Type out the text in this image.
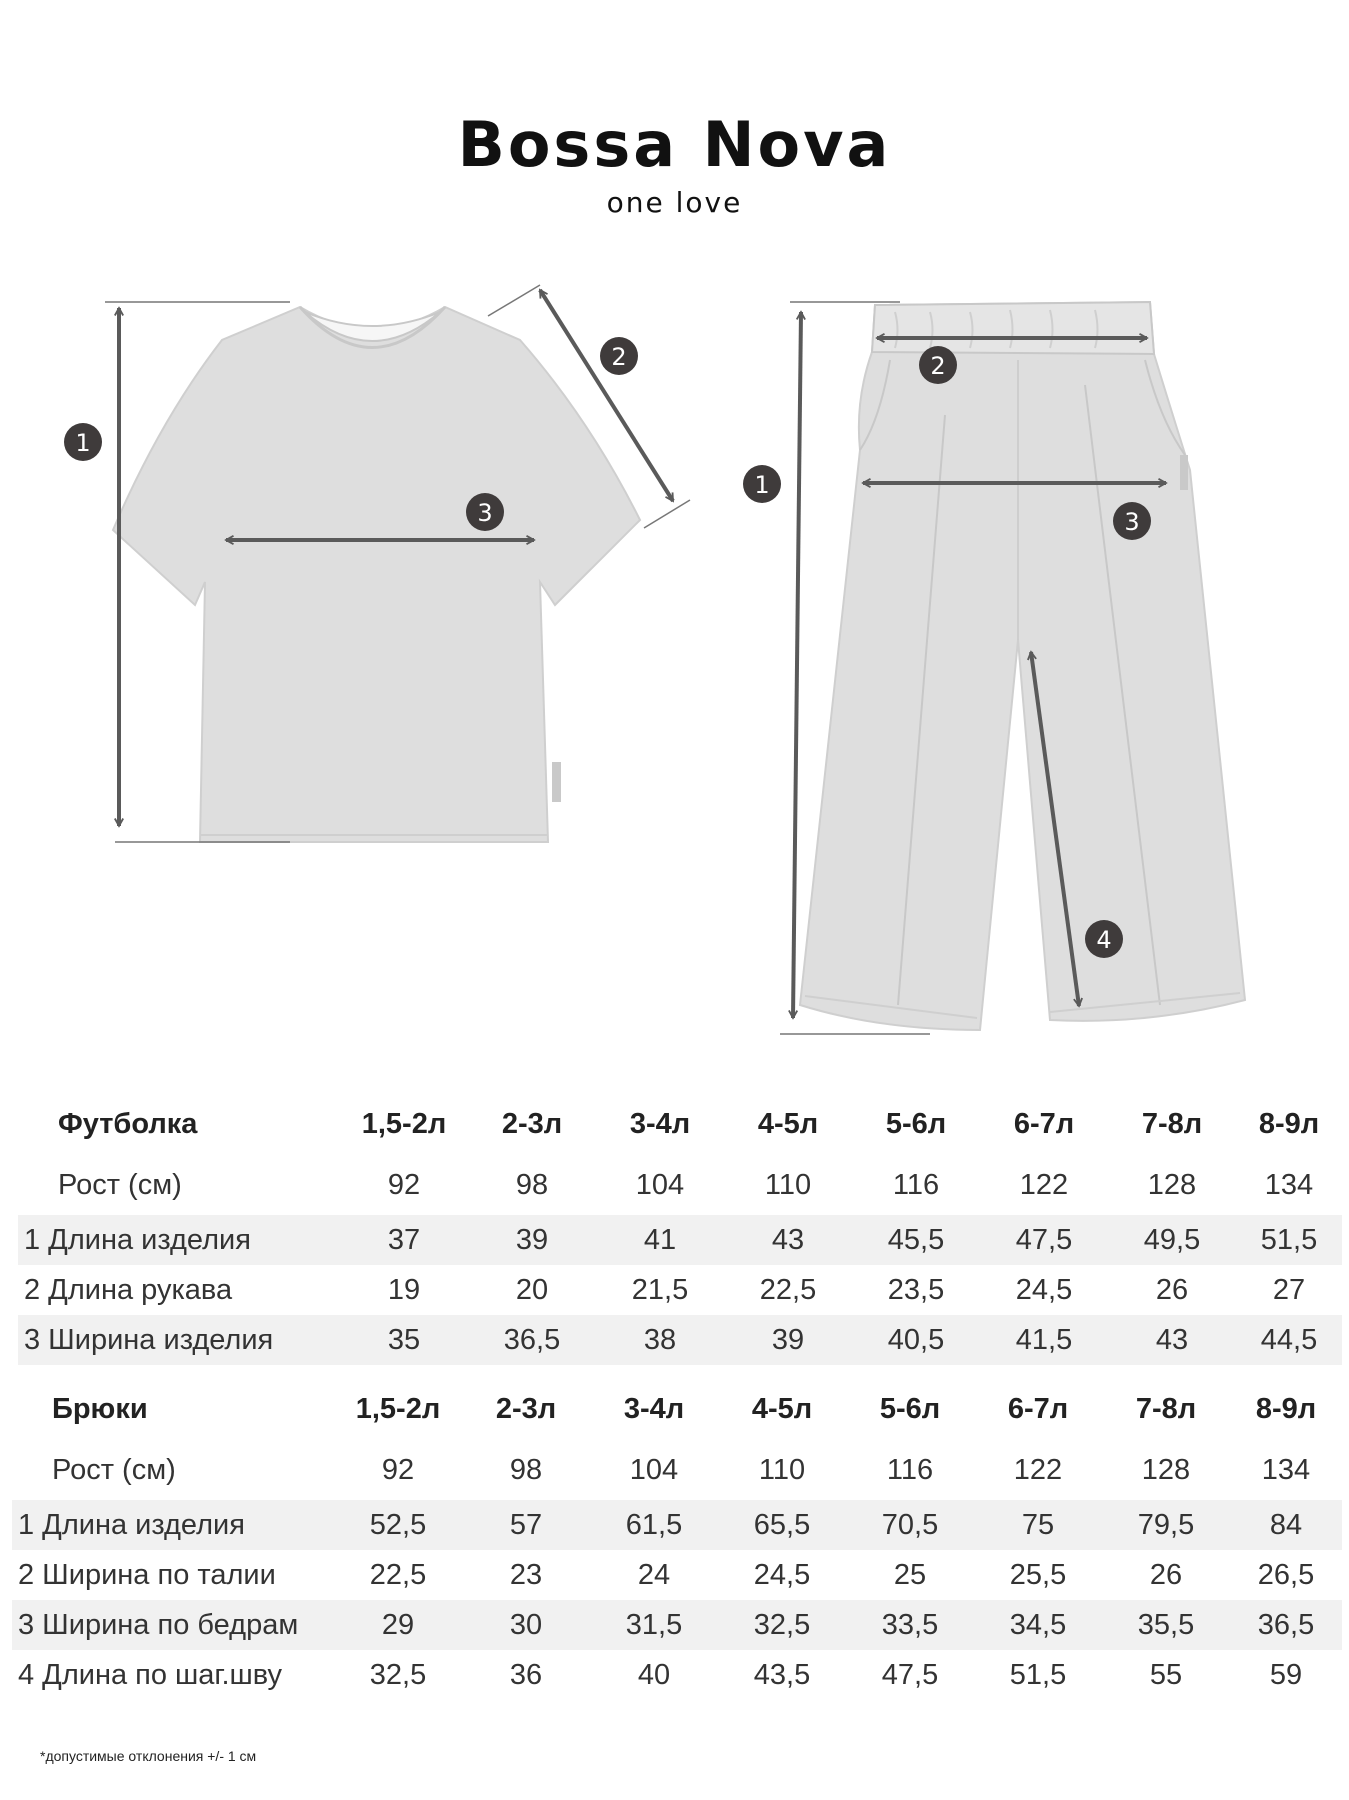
Bossa Nova
one love
1
2
3
1
2
3
4
Футболка	1,5-2л	2-3л	3-4л	4-5л	5-6л	6-7л	7-8л	8-9л
Рост (см)	92	98	104	110	116	122	128	134
1 Длина изделия	37	39	41	43	45,5	47,5	49,5	51,5
2 Длина рукава	19	20	21,5	22,5	23,5	24,5	26	27
3 Ширина изделия	35	36,5	38	39	40,5	41,5	43	44,5
Брюки	1,5-2л	2-3л	3-4л	4-5л	5-6л	6-7л	7-8л	8-9л
Рост (см)	92	98	104	110	116	122	128	134
1 Длина изделия	52,5	57	61,5	65,5	70,5	75	79,5	84
2 Ширина по талии	22,5	23	24	24,5	25	25,5	26	26,5
3 Ширина по бедрам	29	30	31,5	32,5	33,5	34,5	35,5	36,5
4 Длина по шаг.шву	32,5	36	40	43,5	47,5	51,5	55	59
*допустимые отклонения +/- 1 см
